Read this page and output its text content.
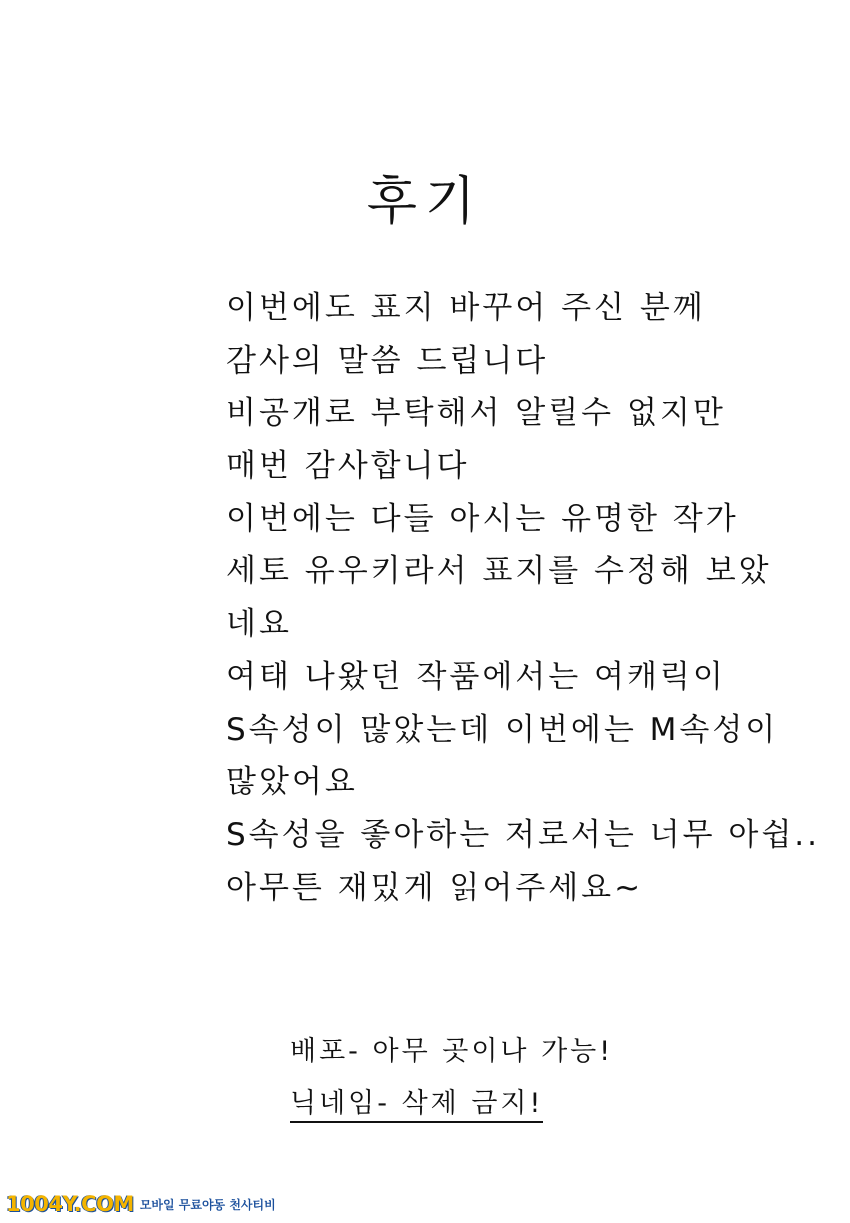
후기
이번에도 표지 바꾸어 주신 분께
감사의 말씀 드립니다
비공개로 부탁해서 알릴수 없지만
매번 감사합니다
이번에는 다들 아시는 유명한 작가
세토 유우키라서 표지를 수정해 보았
네요
여태 나왔던 작품에서는 여캐릭이
S속성이 많았는데 이번에는 M속성이
많았어요
S속성을 좋아하는 저로서는 너무 아쉽..
아무튼 재밌게 읽어주세요~
배포- 아무 곳이나 가능!
닉네임- 삭제 금지!
1004Y.COM 모바일 무료야동 천사티비
